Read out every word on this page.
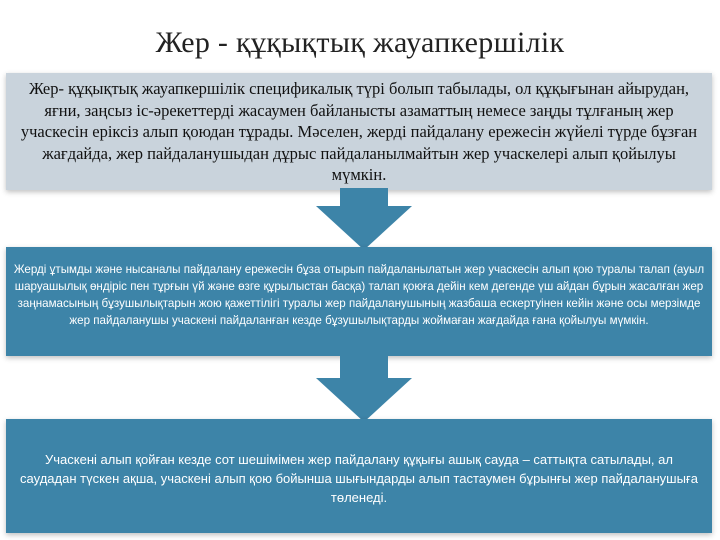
Жер - құқықтық жауапкершілік

Жер- құқықтық жауапкершілік спецификалық түрі болып табылады, ол құқығынан айырудан, яғни, заңсыз іс-әрекеттерді жасаумен байланысты азаматтың немесе заңды тұлғаның жер учаскесін еріксіз алып қоюдан тұрады. Мәселен, жерді пайдалану ережесін жүйелі түрде бұзған жағдайда, жер пайдаланушыдан дұрыс пайдаланылмайтын жер учаскелері алып қойылуы мүмкін.

Жерді ұтымды және нысаналы пайдалану ережесін бұза отырып пайдаланылатын жер учаскесін алып қою туралы талап (ауыл шаруашылық өндіріс пен тұрғын үй және өзге құрылыстан басқа) талап қоюға дейін кем дегенде үш айдан бұрын жасалған жер заңнамасының бұзушылықтарын жою қажеттілігі туралы жер пайдаланушының жазбаша ескертуінен кейін және осы мерзімде жер пайдаланушы учаскені пайдаланған кезде бұзушылықтарды жоймаған жағдайда ғана қойылуы мүмкін.

Учаскені алып қойған кезде сот шешімімен жер пайдалану құқығы ашық сауда – саттықта сатылады, ал саудадан түскен ақша, учаскені алып қою бойынша шығындарды алып тастаумен бұрынғы жер пайдаланушыға төленеді.
